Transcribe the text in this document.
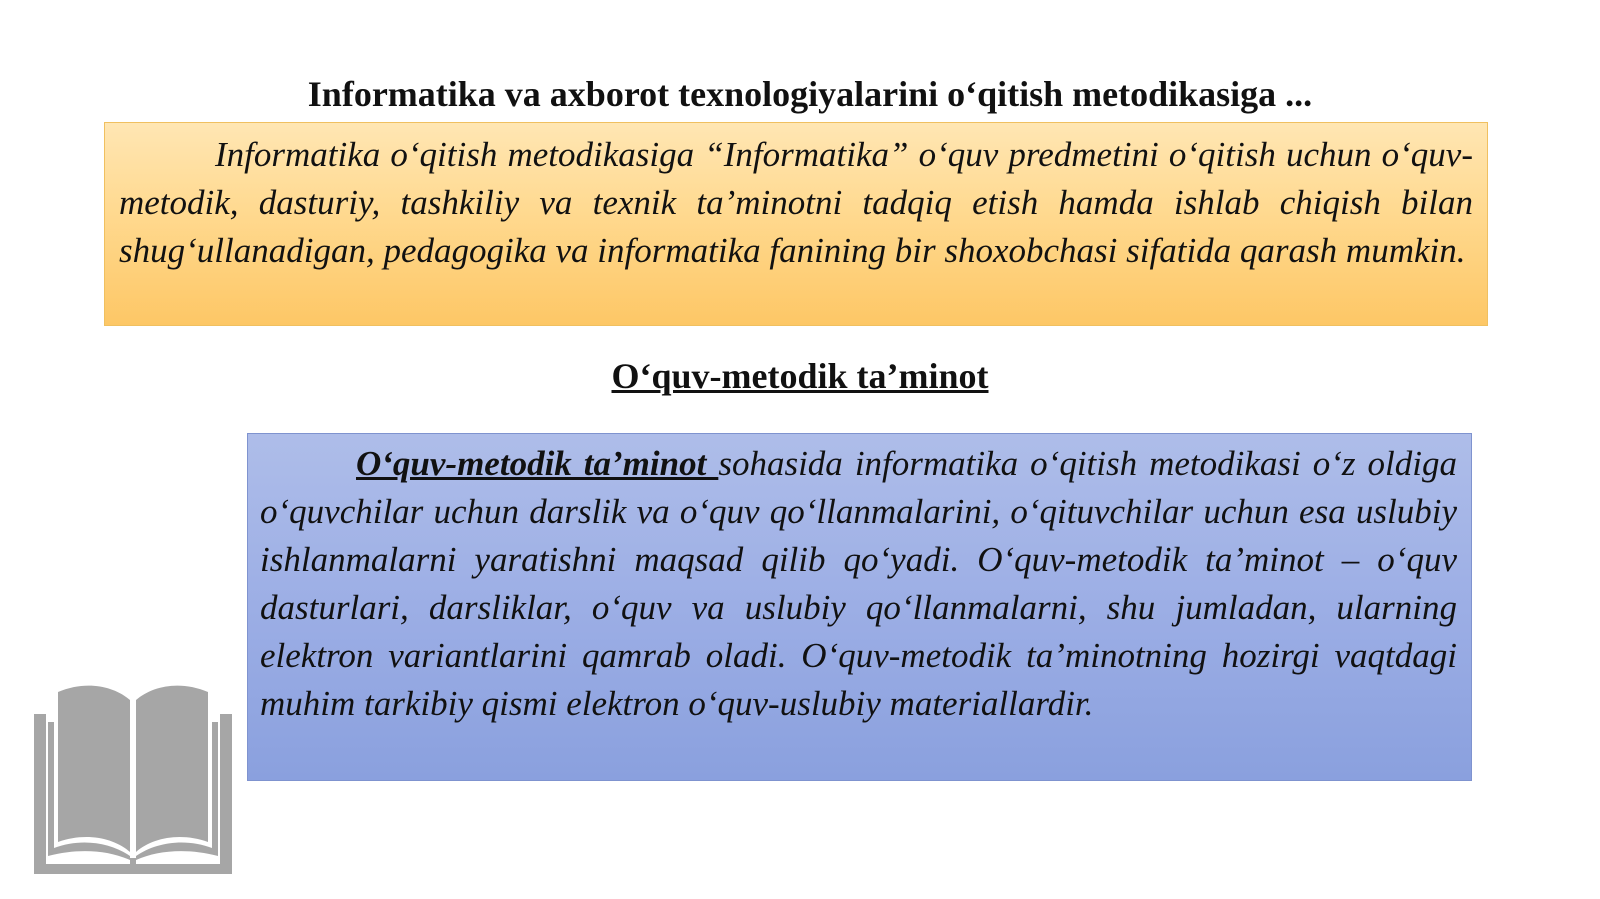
Informatika va axborot texnologiyalarini o‘qitish metodikasiga ...

Informatika o‘qitish metodikasiga “Informatika” o‘quv predmetini o‘qitish uchun o‘quv-metodik, dasturiy, tashkiliy va texnik ta’minotni tadqiq etish hamda ishlab chiqish bilan shug‘ullanadigan, pedagogika va informatika fanining bir shoxobchasi sifatida qarash mumkin.

O‘quv-metodik ta’minot

O‘quv-metodik ta’minot sohasida informatika o‘qitish metodikasi o‘z oldiga o‘quvchilar uchun darslik va o‘quv qo‘llanmalarini, o‘qituvchilar uchun esa uslubiy ishlanmalarni yaratishni maqsad qilib qo‘yadi. O‘quv-metodik ta’minot – o‘quv dasturlari, darsliklar, o‘quv va uslubiy qo‘llanmalarni, shu jumladan, ularning elektron variantlarini qamrab oladi. O‘quv-metodik ta’minotning hozirgi vaqtdagi muhim tarkibiy qismi elektron o‘quv-uslubiy materiallardir.
